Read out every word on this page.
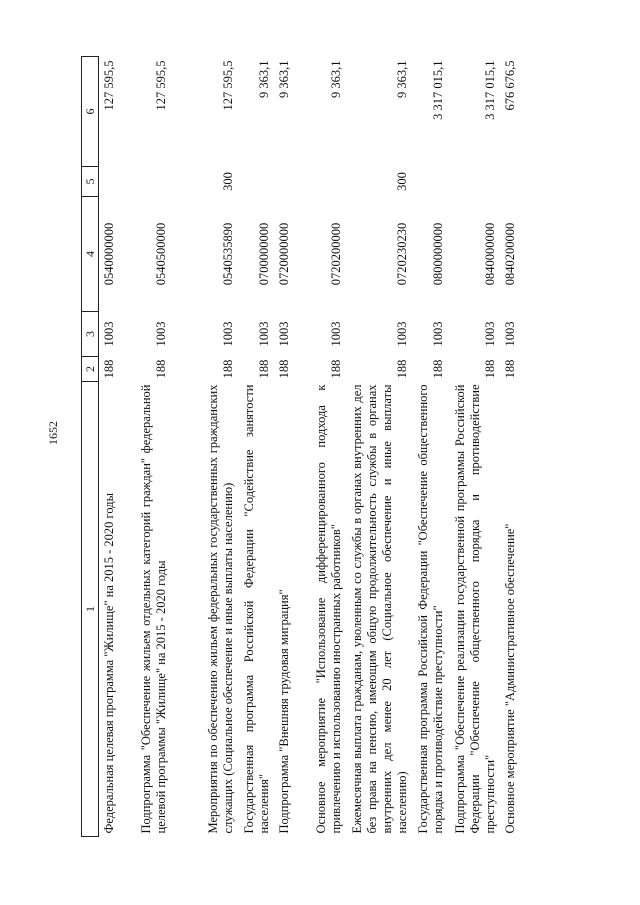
1652
1	2	3	4	5	6
Федеральная целевая программа "Жилище" на 2015 - 2020 годы	188	1003	0540000000		127 595,5
Подпрограмма "Обеспечение жильем отдельных категорий граждан" федеральной целевой программы "Жилище" на 2015 - 2020 годы	188	1003	0540500000		127 595,5
Мероприятия по обеспечению жильем федеральных государственных гражданских служащих (Социальное обеспечение и иные выплаты населению)	188	1003	0540535890	300	127 595,5
Государственная программа Российской Федерации "Содействие занятости населения"	188	1003	0700000000		9 363,1
Подпрограмма "Внешняя трудовая миграция"	188	1003	0720000000		9 363,1
Основное мероприятие "Использование дифференцированного подхода к привлечению и использованию иностранных работников"	188	1003	0720200000		9 363,1
Ежемесячная выплата гражданам, уволенным со службы в органах внутренних дел без права на пенсию, имеющим общую продолжительность службы в органах внутренних дел менее 20 лет (Социальное обеспечение и иные выплаты населению)	188	1003	0720230230	300	9 363,1
Государственная программа Российской Федерации "Обеспечение общественного порядка и противодействие преступности"	188	1003	0800000000		3 317 015,1
Подпрограмма "Обеспечение реализации государственной программы Российской Федерации "Обеспечение общественного порядка и противодействие преступности"	188	1003	0840000000		3 317 015,1
Основное мероприятие "Административное обеспечение"	188	1003	0840200000		676 676,5
